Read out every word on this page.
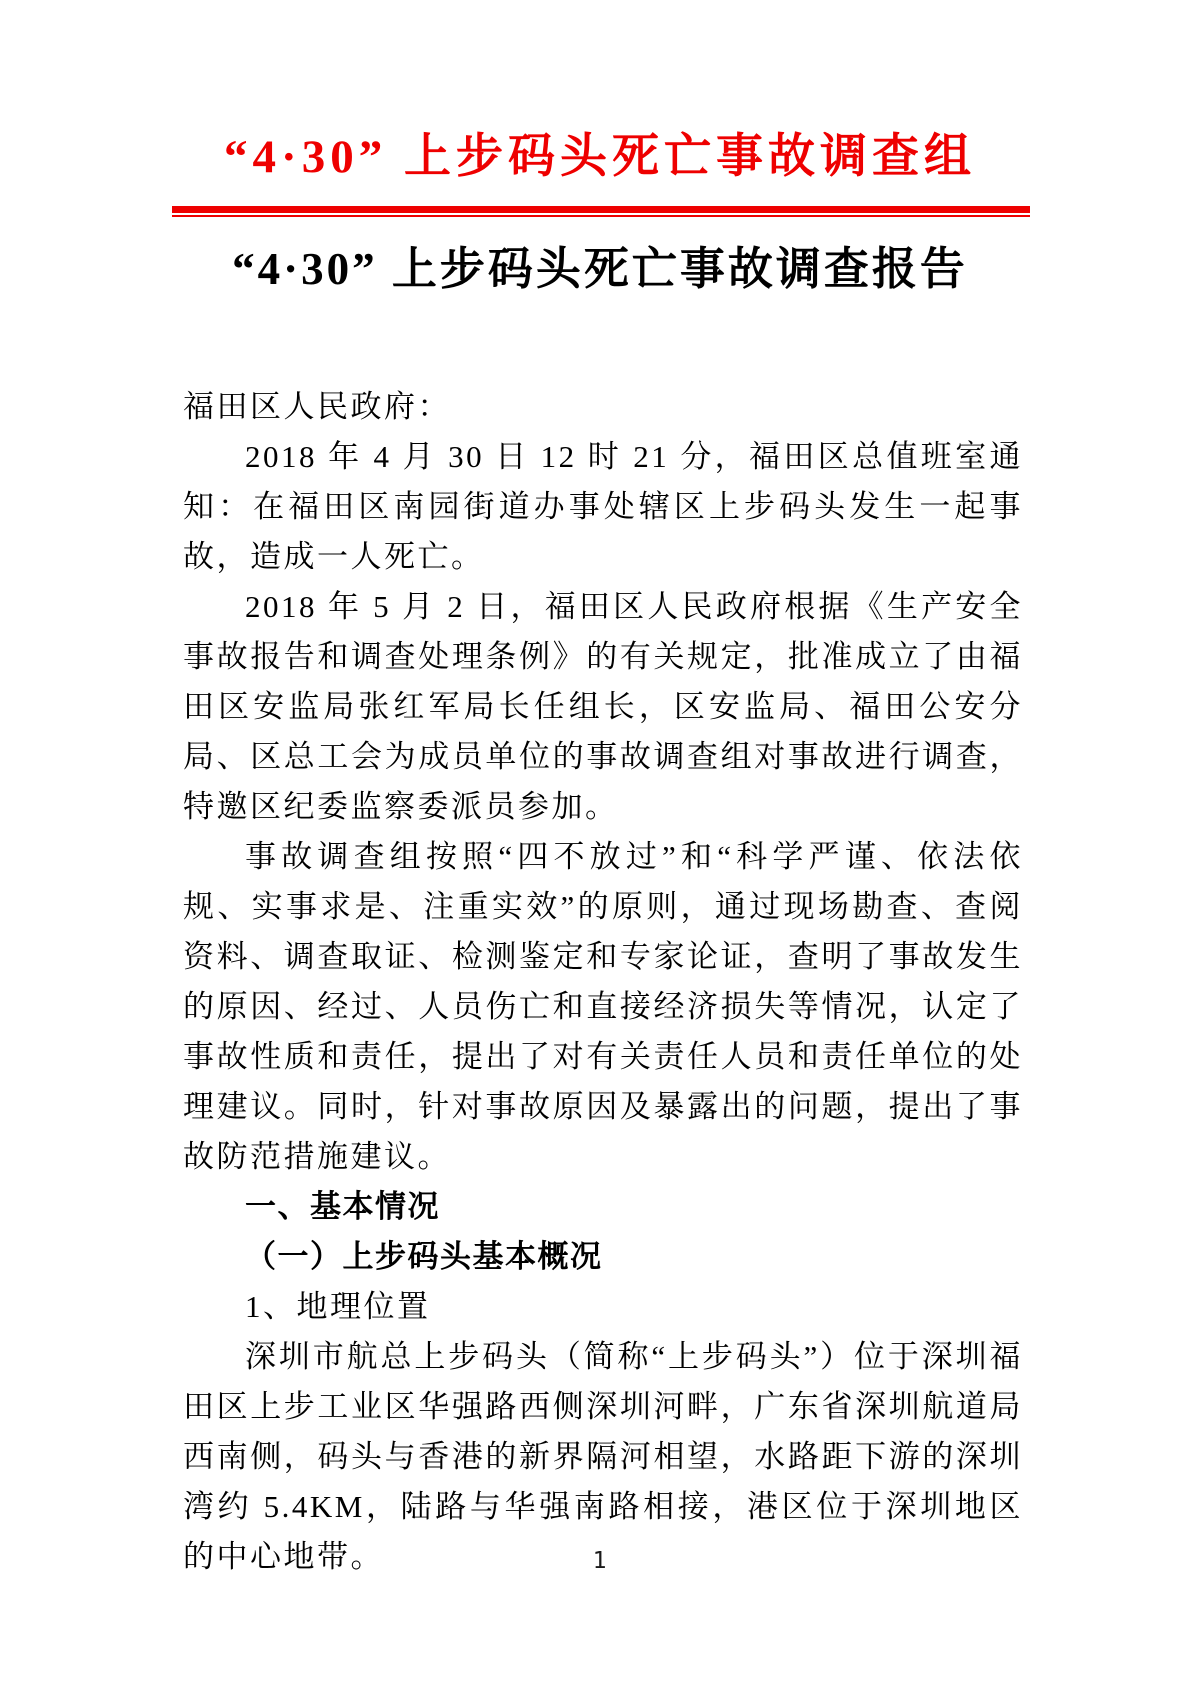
“4·30” 上步码头死亡事故调查组
“4·30” 上步码头死亡事故调查报告

福田区人民政府：

2018 年 4 月 30 日 12 时 21 分，福田区总值班室通知：在福田区南园街道办事处辖区上步码头发生一起事故，造成一人死亡。

2018 年 5 月 2 日，福田区人民政府根据《生产安全事故报告和调查处理条例》的有关规定，批准成立了由福田区安监局张红军局长任组长，区安监局、福田公安分局、区总工会为成员单位的事故调查组对事故进行调查，特邀区纪委监察委派员参加。

事故调查组按照“四不放过”和“科学严谨、依法依规、实事求是、注重实效”的原则，通过现场勘查、查阅资料、调查取证、检测鉴定和专家论证，查明了事故发生的原因、经过、人员伤亡和直接经济损失等情况，认定了事故性质和责任，提出了对有关责任人员和责任单位的处理建议。同时，针对事故原因及暴露出的问题，提出了事故防范措施建议。

一、基本情况

（一）上步码头基本概况

1、地理位置

深圳市航总上步码头（简称“上步码头”）位于深圳福田区上步工业区华强路西侧深圳河畔，广东省深圳航道局西南侧，码头与香港的新界隔河相望，水路距下游的深圳湾约 5.4KM，陆路与华强南路相接，港区位于深圳地区的中心地带。	1
